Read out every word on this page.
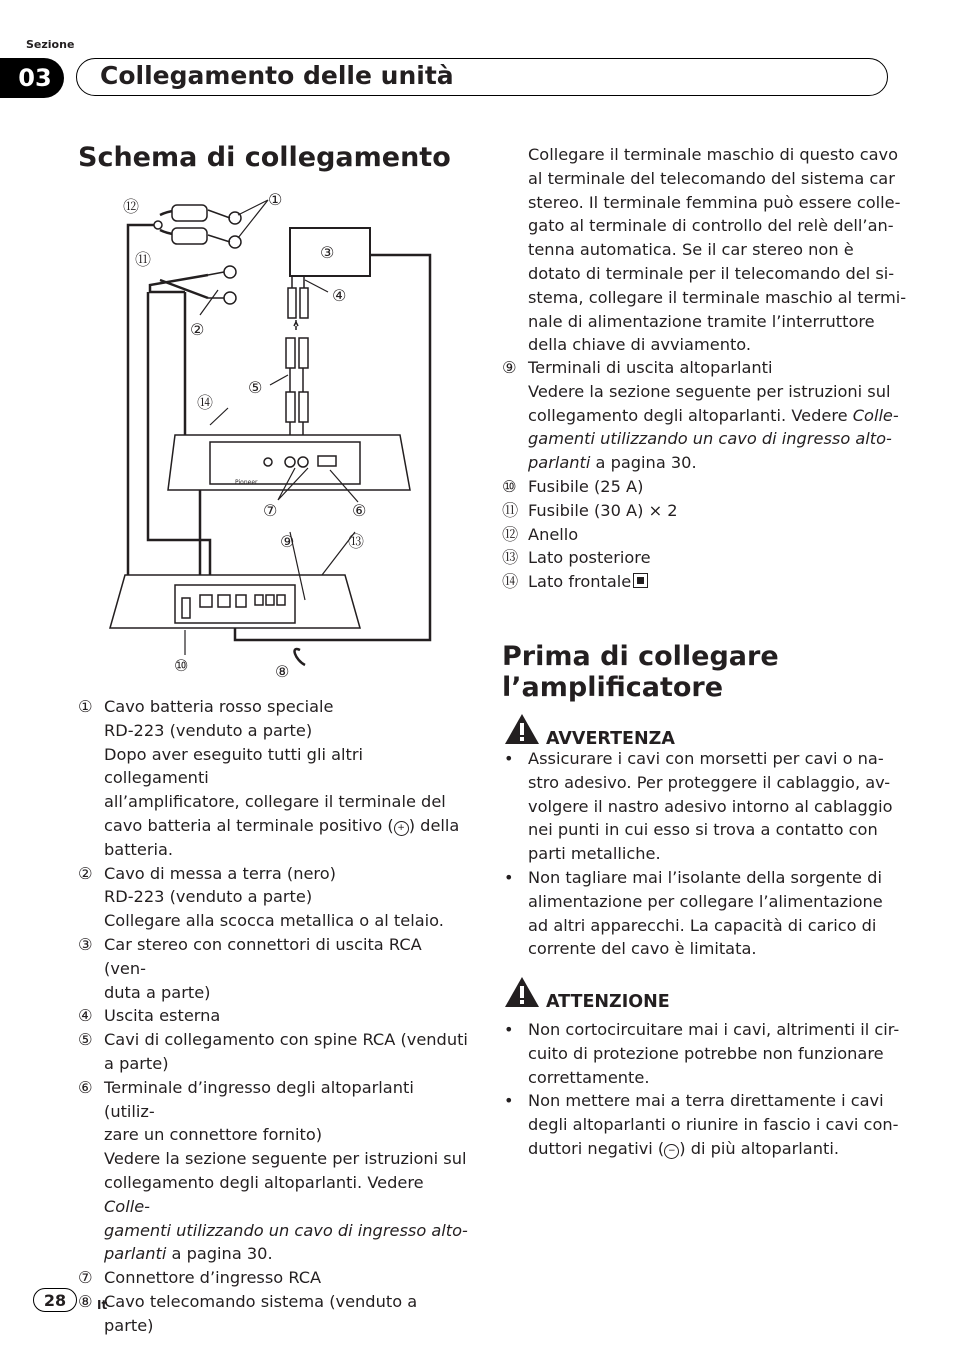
Sezione
03	Collegamento delle unità
Schema di collegamento
Pioneer
①
②
③
④
⑤
⑥
⑦
⑧
⑨
⑩
⑪
⑫
⑬
⑭
① Cavo batteria rosso speciale
RD-223 (venduto a parte)
Dopo aver eseguito tutti gli altri collegamenti
all’amplificatore, collegare il terminale del
cavo batteria al terminale positivo ( + ) della
batteria.
② Cavo di messa a terra (nero)
RD-223 (venduto a parte)
Collegare alla scocca metallica o al telaio.
③ Car stereo con connettori di uscita RCA (ven-
duta a parte)
④ Uscita esterna
⑤ Cavi di collegamento con spine RCA (venduti
a parte)
⑥ Terminale d’ingresso degli altoparlanti (utiliz-
zare un connettore fornito)
Vedere la sezione seguente per istruzioni sul
collegamento degli altoparlanti. Vedere Colle-
gamenti utilizzando un cavo di ingresso alto-
parlanti a pagina 30.
⑦ Connettore d’ingresso RCA
⑧ Cavo telecomando sistema (venduto a parte)
Collegare il terminale maschio di questo cavo
al terminale del telecomando del sistema car
stereo. Il terminale femmina può essere colle-
gato al terminale di controllo del relè dell’an-
tenna automatica. Se il car stereo non è
dotato di terminale per il telecomando del si-
stema, collegare il terminale maschio al termi-
nale di alimentazione tramite l’interruttore
della chiave di avviamento.
⑨ Terminali di uscita altoparlanti
Vedere la sezione seguente per istruzioni sul
collegamento degli altoparlanti. Vedere Colle-
gamenti utilizzando un cavo di ingresso alto-
parlanti a pagina 30.
⑩ Fusibile (25 A)
⑪ Fusibile (30 A) × 2
⑫ Anello
⑬ Lato posteriore
⑭ Lato frontale
Prima di collegare
l’amplificatore
AVVERTENZA
• Assicurare i cavi con morsetti per cavi o na-
stro adesivo. Per proteggere il cablaggio, av-
volgere il nastro adesivo intorno al cablaggio
nei punti in cui esso si trova a contatto con
parti metalliche.
• Non tagliare mai l’isolante della sorgente di
alimentazione per collegare l’alimentazione
ad altri apparecchi. La capacità di carico di
corrente del cavo è limitata.
ATTENZIONE
• Non cortocircuitare mai i cavi, altrimenti il cir-
cuito di protezione potrebbe non funzionare
correttamente.
• Non mettere mai a terra direttamente i cavi
degli altoparlanti o riunire in fascio i cavi con-
duttori negativi ( − ) di più altoparlanti.
28	It
